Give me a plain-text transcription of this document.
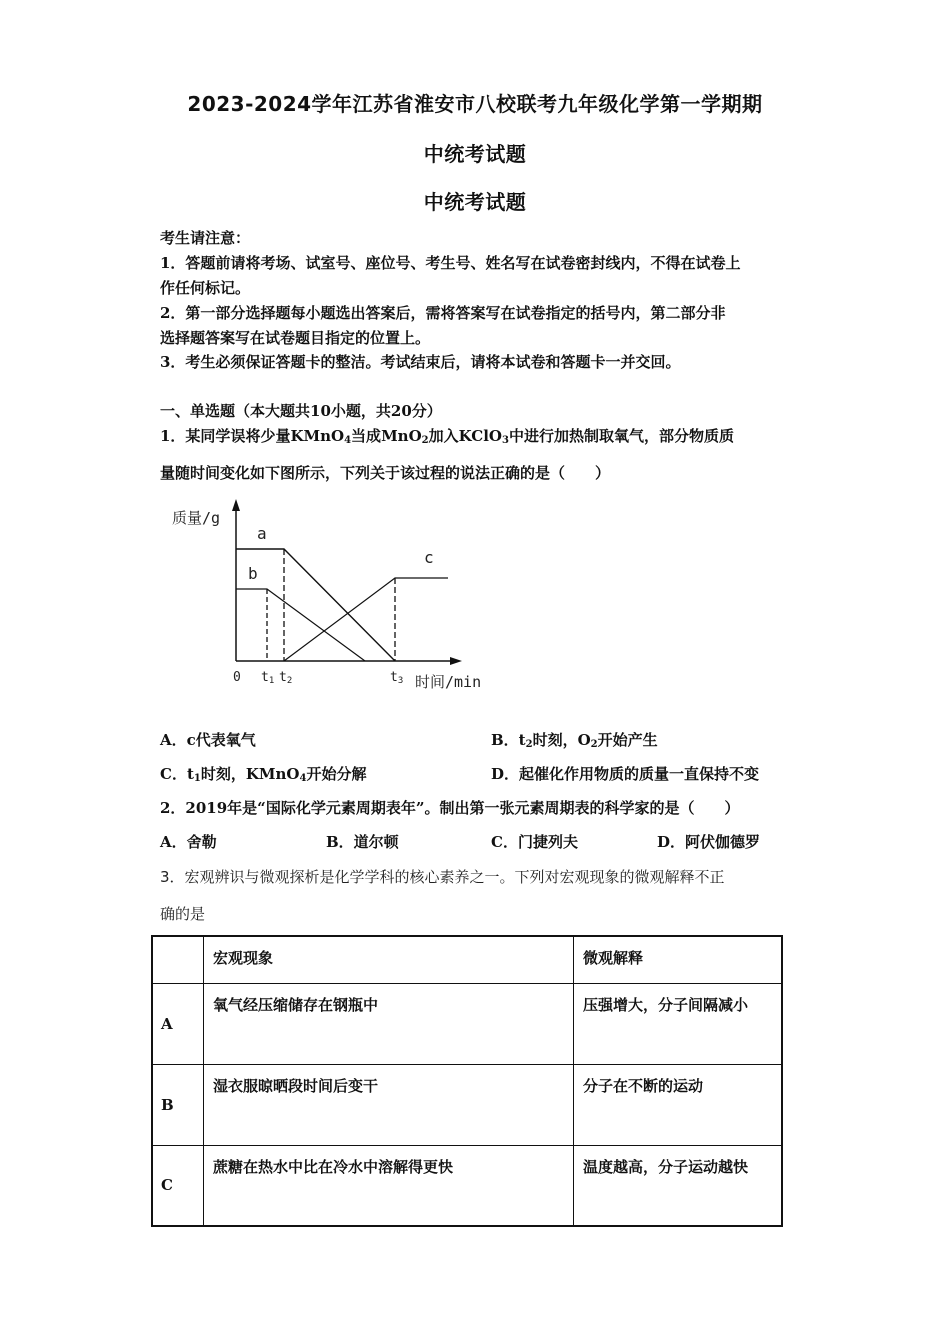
2023-2024学年江苏省淮安市八校联考九年级化学第一学期期
中统考试题
中统考试题
考生请注意：
1．答题前请将考场、试室号、座位号、考生号、姓名写在试卷密封线内，不得在试卷上
作任何标记。
2．第一部分选择题每小题选出答案后，需将答案写在试卷指定的括号内，第二部分非
选择题答案写在试卷题目指定的位置上。
3．考生必须保证答题卡的整洁。考试结束后，请将本试卷和答题卡一并交回。
一、单选题（本大题共10小题，共20分）
1．某同学误将少量KMnO$_4$当成MnO$_2$加入KClO$_3$中进行加热制取氧气，部分物质质
量随时间变化如下图所示，下列关于该过程的说法正确的是（　　）
质量/g
a
b
c
0 t1 t2	t3 时间/min
A．c代表氧气	B．$t_2$时刻，$O_2$开始产生
C．$t_1$时刻，KMnO$_4$开始分解	D．起催化作用物质的质量一直保持不变
2．2019年是“国际化学元素周期表年”。制出第一张元素周期表的科学家的是（　　）
A．舍勒	B．道尔顿	C．门捷列夫	D．阿伏伽德罗
3．宏观辨识与微观探析是化学学科的核心素养之一。下列对宏观现象的微观解释不正
确的是
	宏观现象	微观解释
A	氧气经压缩储存在钢瓶中	压强增大，分子间隔减小
B	湿衣服晾晒段时间后变干	分子在不断的运动
C	蔗糖在热水中比在冷水中溶解得更快	温度越高，分子运动越快
